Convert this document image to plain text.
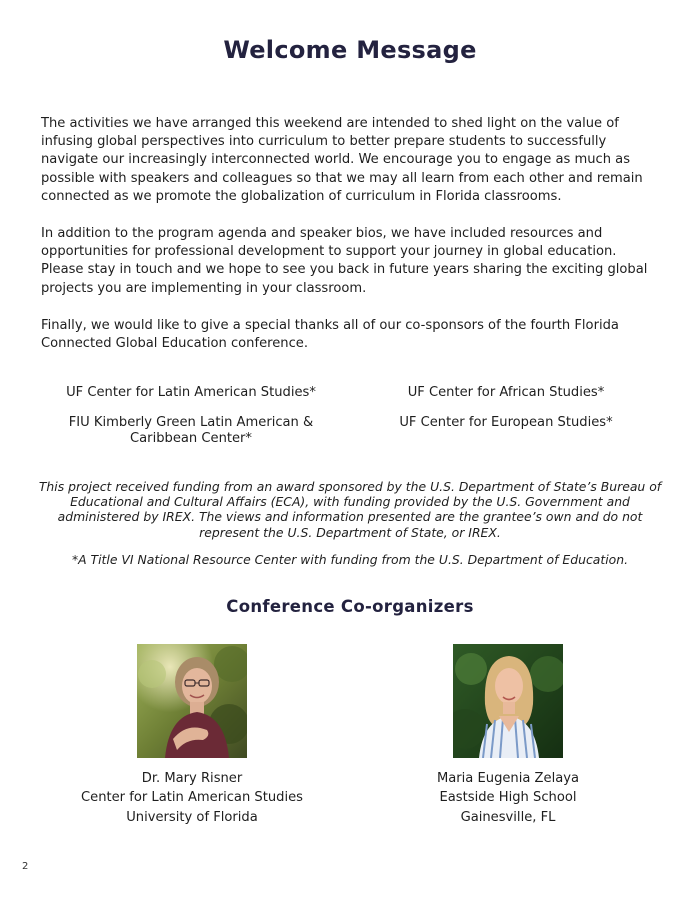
Welcome Message

The activities we have arranged this weekend are intended to shed light on the value of infusing global perspectives into curriculum to better prepare students to successfully navigate our increasingly interconnected world. We encourage you to engage as much as possible with speakers and colleagues so that we may all learn from each other and remain connected as we promote the globalization of curriculum in Florida classrooms.

In addition to the program agenda and speaker bios, we have included resources and opportunities for professional development to support your journey in global education. Please stay in touch and we hope to see you back in future years sharing the exciting global projects you are implementing in your classroom.

Finally, we would like to give a special thanks all of our co-sponsors of the fourth Florida Connected Global Education conference.

UF Center for Latin American Studies*	UF Center for African Studies*
FIU Kimberly Green Latin American & Caribbean Center*
UF Center for European Studies*

This project received funding from an award sponsored by the U.S. Department of State’s Bureau of Educational and Cultural Affairs (ECA), with funding provided by the U.S. Government and administered by IREX. The views and information presented are the grantee’s own and do not represent the U.S. Department of State, or IREX.

*A Title VI National Resource Center with funding from the U.S. Department of Education.

Conference Co-organizers
Dr. Mary Risner
Center for Latin American Studies
University of Florida
Maria Eugenia Zelaya
Eastside High School
Gainesville, FL
2
